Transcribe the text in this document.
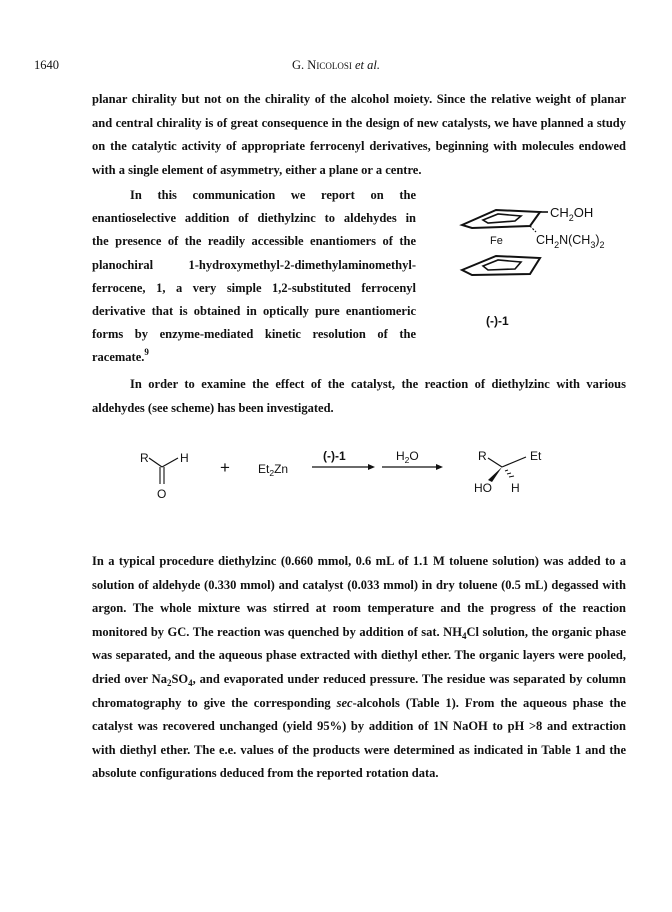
1640	G. Nicolosi et al.

planar chirality but not on the chirality of the alcohol moiety. Since the relative weight of planar and central chirality is of great consequence in the design of new catalysts, we have planned a study on the catalytic activity of appropriate ferrocenyl derivatives, beginning with molecules endowed with a single element of asymmetry, either a plane or a centre.

In this communication we report on the
enantioselective addition of diethylzinc to aldehydes in
the presence of the readily accessible enantiomers of the
planochiral 1-hydroxymethyl-2-dimethylaminomethyl-
ferrocene, 1, a very simple 1,2-substituted ferrocenyl
derivative that is obtained in optically pure enantiomeric
forms by enzyme-mediated kinetic resolution of the
racemate.$^9$
$CH_2OH$
Fe	$CH_2N(CH_3)_2$
(-)-1

In order to examine the effect of the catalyst, the reaction of diethylzinc with various aldehydes (see scheme) has been investigated.

R	H
O
+ $Et_2Zn$
(-)-1	$H_2O$	R	Et
HO H

In a typical procedure diethylzinc (0.660 mmol, 0.6 mL of 1.1 M toluene solution) was added to a solution of aldehyde (0.330 mmol) and catalyst (0.033 mmol) in dry toluene (0.5 mL) degassed with argon. The whole mixture was stirred at room temperature and the progress of the reaction monitored by GC. The reaction was quenched by addition of sat. $NH_4Cl$ solution, the organic phase was separated, and the aqueous phase extracted with diethyl ether. The organic layers were pooled, dried over $Na_2SO_4$, and evaporated under reduced pressure. The residue was separated by column chromatography to give the corresponding sec-alcohols (Table 1). From the aqueous phase the catalyst was recovered unchanged (yield 95%) by addition of 1N NaOH to pH >8 and extraction with diethyl ether. The e.e. values of the products were determined as indicated in Table 1 and the absolute configurations deduced from the reported rotation data.
